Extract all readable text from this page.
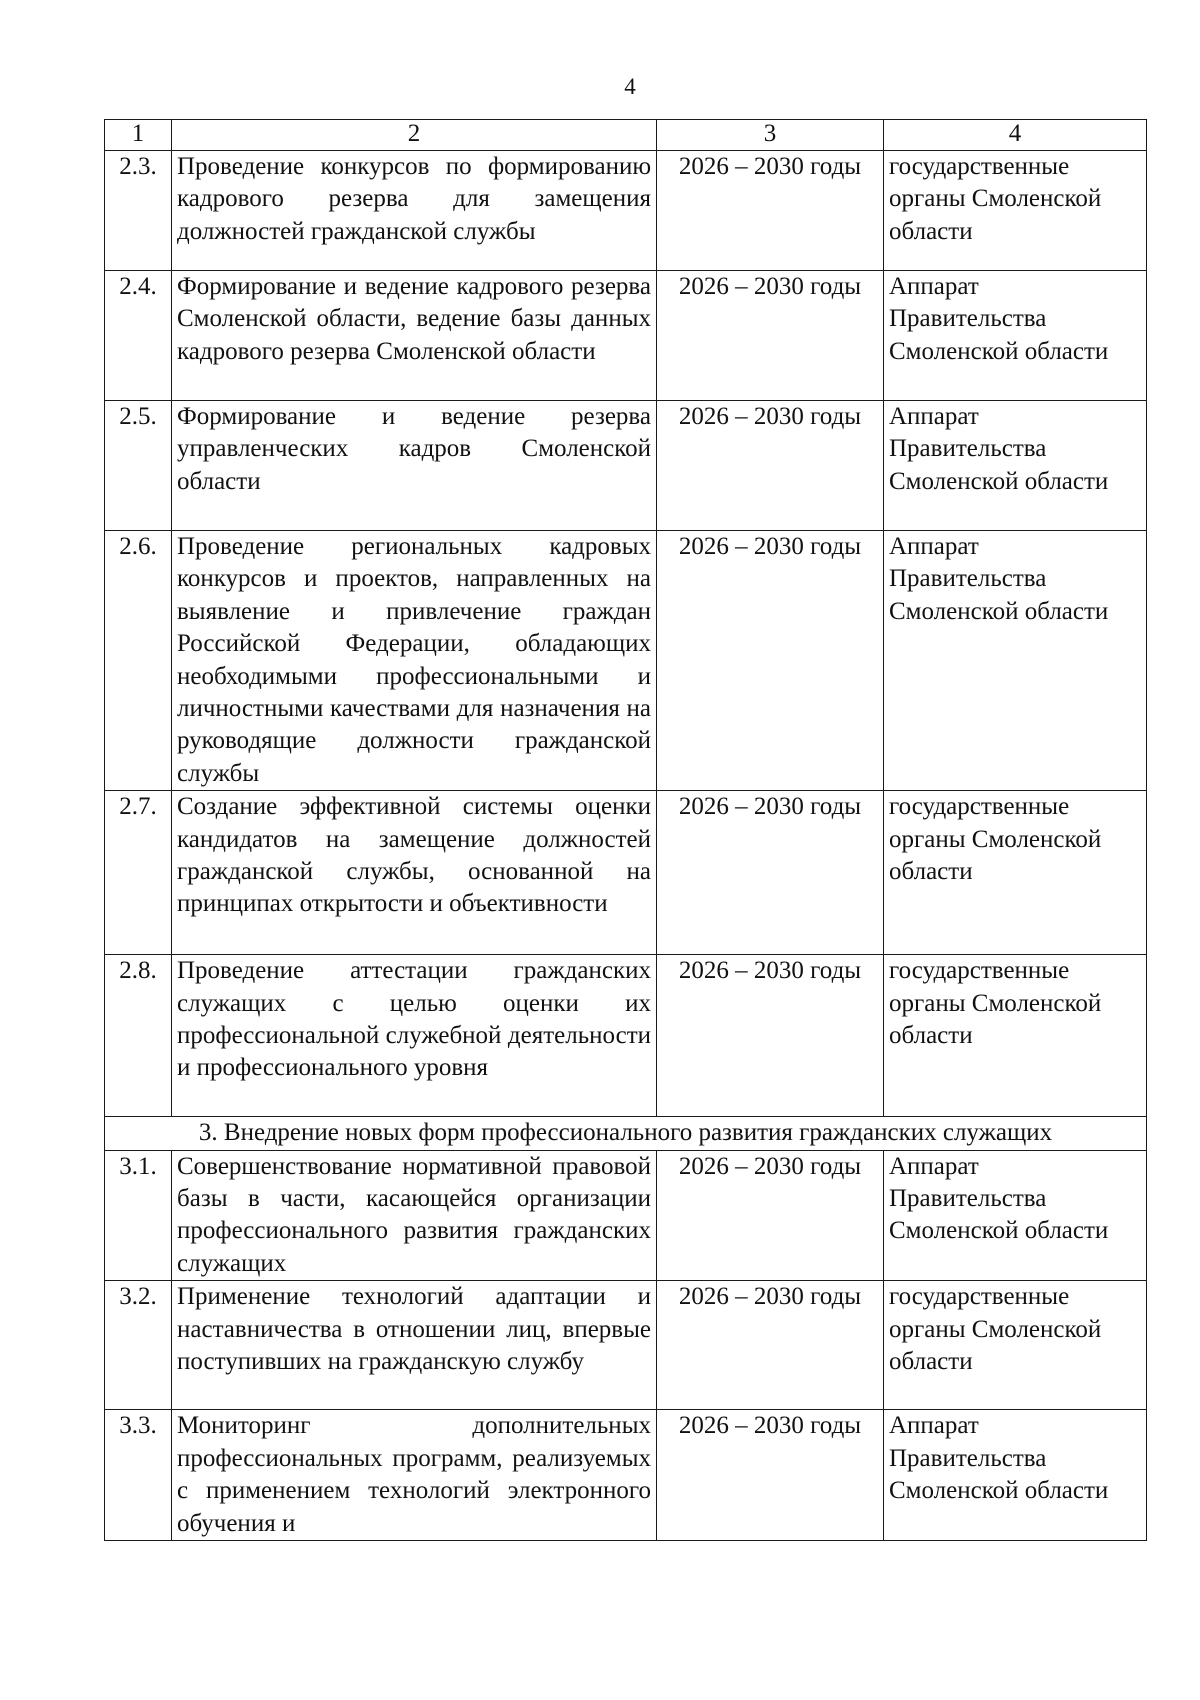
4
1	2	3	4
2.3.	Проведение конкурсов по формированию кадрового резерва для замещения должностей гражданской службы	2026 – 2030 годы	государственные органы Смоленской области
2.4.	Формирование и ведение кадрового резерва Смоленской области, ведение базы данных кадрового резерва Смоленской области	2026 – 2030 годы	Аппарат Правительства Смоленской области
2.5.	Формирование и ведение резерва управленческих кадров Смоленской области	2026 – 2030 годы	Аппарат Правительства Смоленской области
2.6.	Проведение региональных кадровых конкурсов и проектов, направленных на выявление и привлечение граждан Российской Федерации, обладающих необходимыми профессиональными и личностными качествами для назначения на руководящие должности гражданской службы	2026 – 2030 годы	Аппарат Правительства Смоленской области
2.7.	Создание эффективной системы оценки кандидатов на замещение должностей гражданской службы, основанной на принципах открытости и объективности	2026 – 2030 годы	государственные органы Смоленской области
2.8.	Проведение аттестации гражданских служащих с целью оценки их профессиональной служебной деятельности и профессионального уровня	2026 – 2030 годы	государственные органы Смоленской области
3. Внедрение новых форм профессионального развития гражданских служащих			
3.1.	Совершенствование нормативной правовой базы в части, касающейся организации профессионального развития гражданских служащих	2026 – 2030 годы	Аппарат Правительства Смоленской области
3.2.	Применение технологий адаптации и наставничества в отношении лиц, впервые поступивших на гражданскую службу	2026 – 2030 годы	государственные органы Смоленской области
3.3.	Мониторинг дополнительных профессиональных программ, реализуемых с применением технологий электронного обучения и	2026 – 2030 годы	Аппарат Правительства Смоленской области
